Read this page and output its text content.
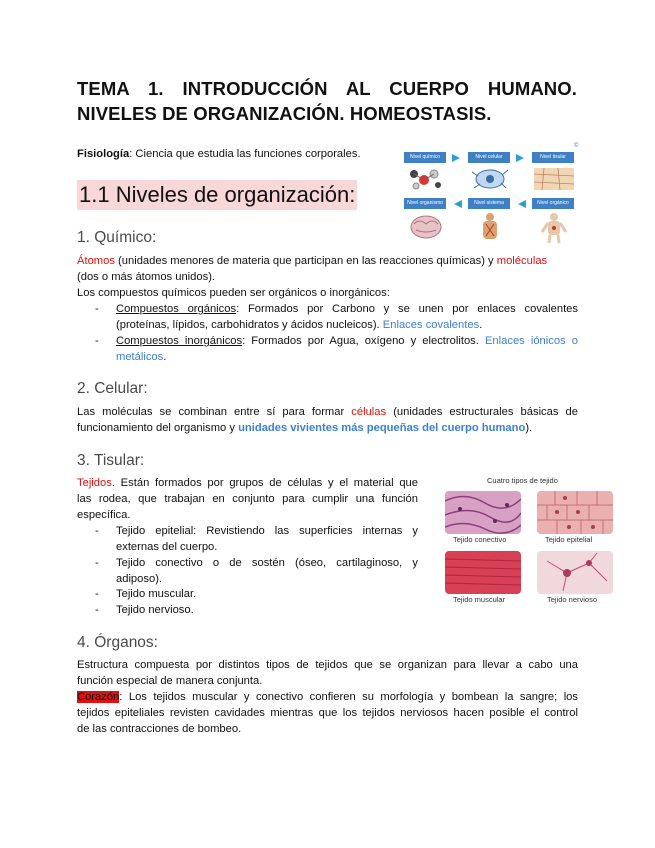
TEMA 1. INTRODUCCIÓN AL CUERPO HUMANO. NIVELES DE ORGANIZACIÓN. HOMEOSTASIS.
Fisiología: Ciencia que estudia las funciones corporales.
1.1 Niveles de organización:
Nivel químico	Nivel celular	Nivel tisular
©
Nivel organismo	Nivel sistema	Nivel orgánico
1. Químico:
Átomos (unidades menores de materia que participan en las reacciones químicas) y moléculas
(dos o más átomos unidos).
Los compuestos químicos pueden ser orgánicos o inorgánicos:
- Compuestos orgánicos: Formados por Carbono y se unen por enlaces covalentes
(proteínas, lípidos, carbohidratos y ácidos nucleicos). Enlaces covalentes.
- Compuestos inorgánicos: Formados por Agua, oxígeno y electrolitos. Enlaces iónicos o
metálicos.
2. Celular:
Las moléculas se combinan entre sí para formar células (unidades estructurales básicas de
funcionamiento del organismo y unidades vivientes más pequeñas del cuerpo humano).
3. Tisular:
Tejidos. Están formados por grupos de células y el material que
las rodea, que trabajan en conjunto para cumplir una función
específica.
- Tejido epitelial: Revistiendo las superficies internas y
externas del cuerpo.
- Tejido conectivo o de sostén (óseo, cartilaginoso, y
adiposo).
- Tejido muscular.
- Tejido nervioso.
Cuatro tipos de tejido
Tejido conectivo	Tejido epitelial
Tejido muscular	Tejido nervioso
4. Órganos:
Estructura compuesta por distintos tipos de tejidos que se organizan para llevar a cabo una
función especial de manera conjunta.
Corazón: Los tejidos muscular y conectivo confieren su morfología y bombean la sangre; los
tejidos epiteliales revisten cavidades mientras que los tejidos nerviosos hacen posible el control
de las contracciones de bombeo.
